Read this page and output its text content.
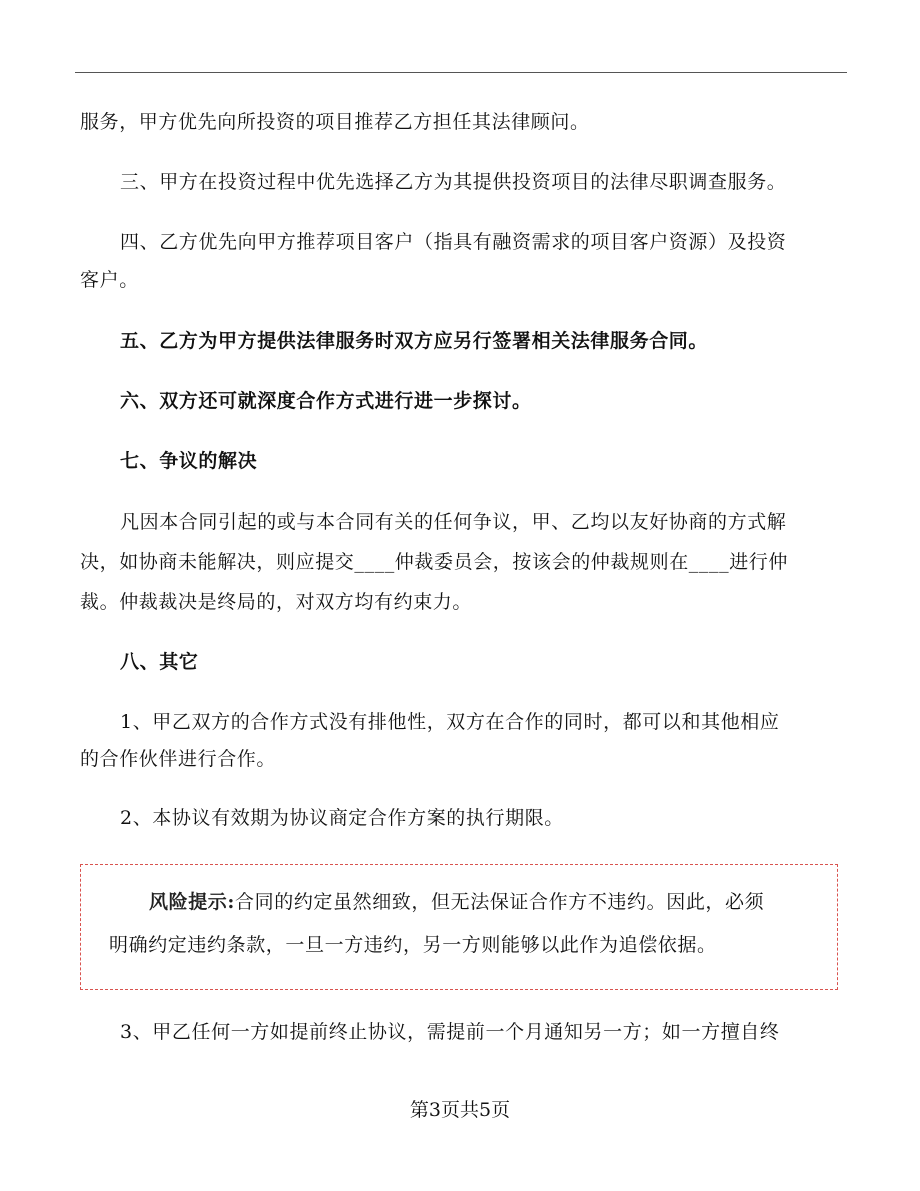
服务，甲方优先向所投资的项目推荐乙方担任其法律顾问。
三、甲方在投资过程中优先选择乙方为其提供投资项目的法律尽职调查服务。
四、乙方优先向甲方推荐项目客户（指具有融资需求的项目客户资源）及投资
客户。
五、乙方为甲方提供法律服务时双方应另行签署相关法律服务合同。
六、双方还可就深度合作方式进行进一步探讨。
七、争议的解决
凡因本合同引起的或与本合同有关的任何争议，甲、乙均以友好协商的方式解
决，如协商未能解决，则应提交____仲裁委员会，按该会的仲裁规则在____进行仲
裁。仲裁裁决是终局的，对双方均有约束力。
八、其它
1、甲乙双方的合作方式没有排他性，双方在合作的同时，都可以和其他相应
的合作伙伴进行合作。
2、本协议有效期为协议商定合作方案的执行期限。
风险提示:合同的约定虽然细致，但无法保证合作方不违约。因此，必须
明确约定违约条款，一旦一方违约，另一方则能够以此作为追偿依据。
3、甲乙任何一方如提前终止协议，需提前一个月通知另一方；如一方擅自终
第3页共5页
